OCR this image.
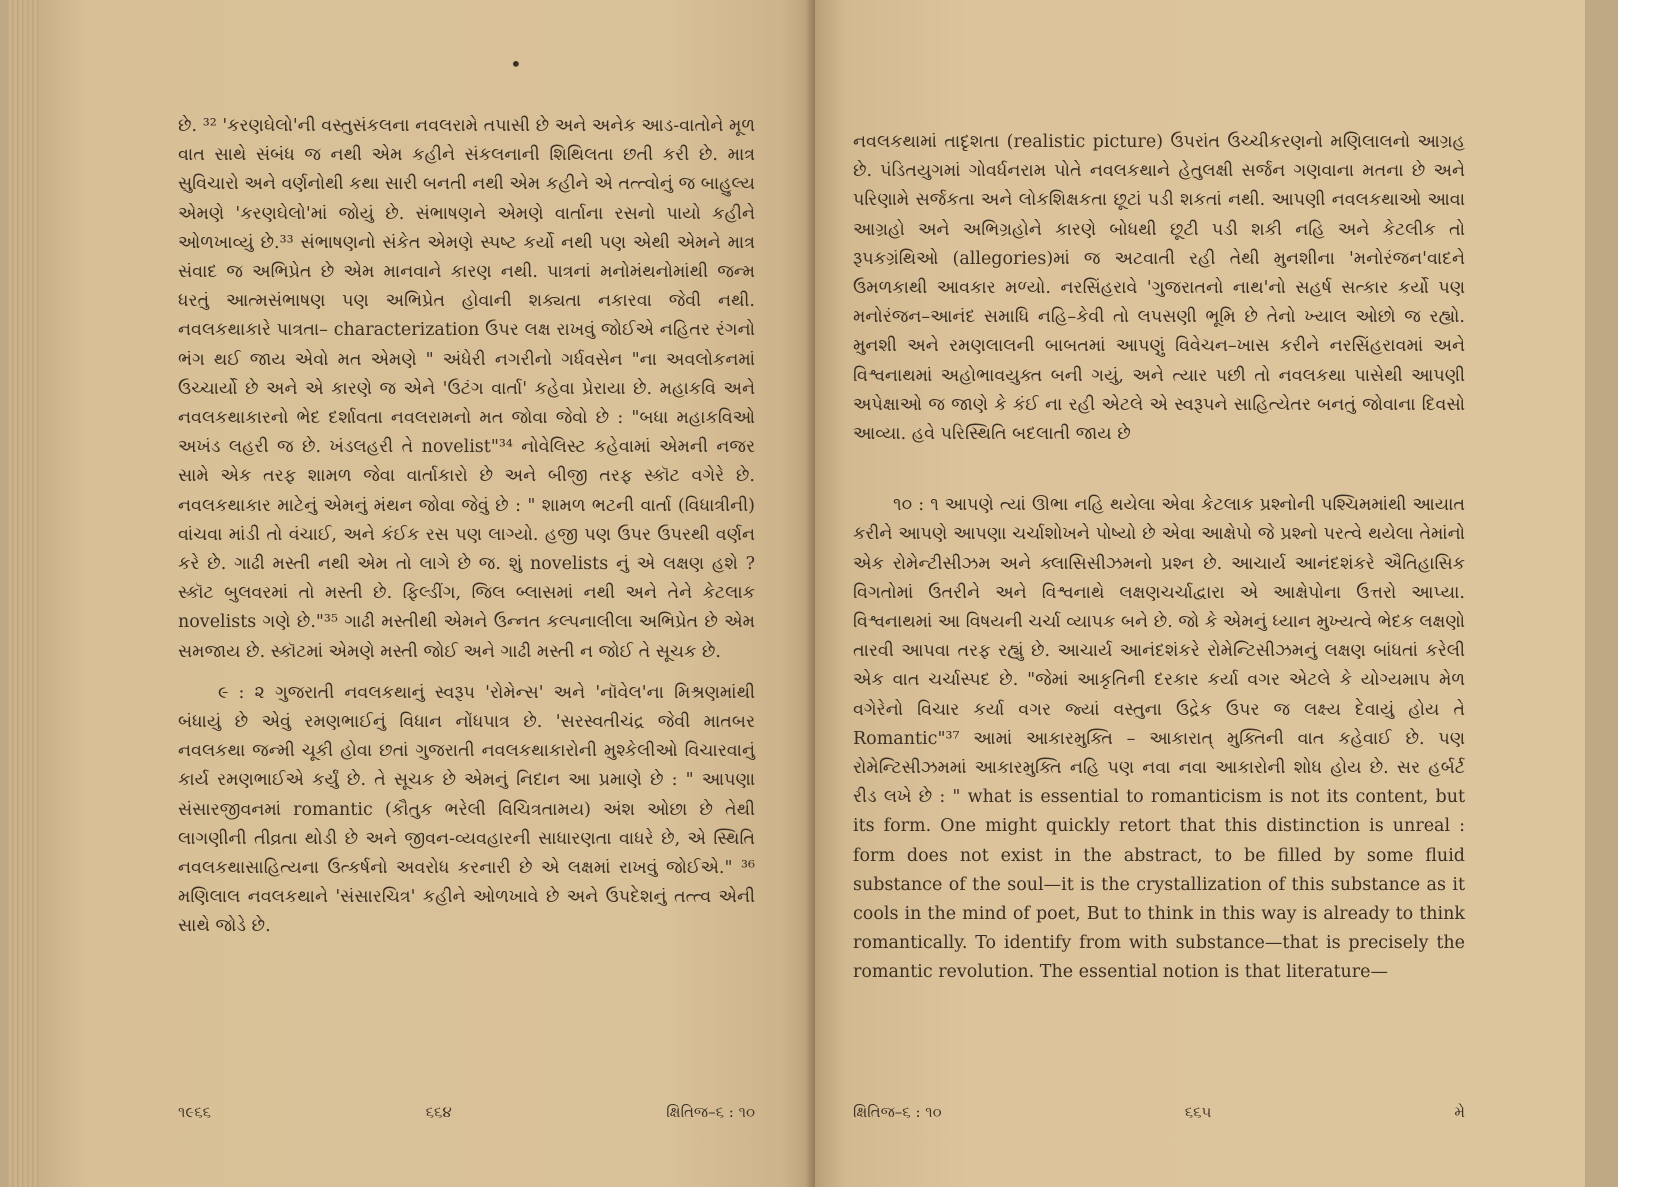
•

છે. ³² 'કરણઘેલો'ની વસ્તુસંકલના નવલરામે તપાસી છે અને અનેક આડ-વાતોને મૂળ વાત સાથે સંબંધ જ નથી એમ કહીને સંકલનાની શિથિલતા છતી કરી છે. માત્ર સુવિચારો અને વર્ણનોથી કથા સારી બનતી નથી એમ કહીને એ તત્ત્વોનું જ બાહુલ્ય એમણે 'કરણઘેલો'માં જોયું છે. સંભાષણને એમણે વાર્તાના રસનો પાયો કહીને ઓળખાવ્યું છે.³³ સંભાષણનો સંકેત એમણે સ્પષ્ટ કર્યો નથી પણ એથી એમને માત્ર સંવાદ જ અભિપ્રેત છે એમ માનવાને કારણ નથી. પાત્રનાં મનોમંથનોમાંથી જન્મ ધરતું આત્મસંભાષણ પણ અભિપ્રેત હોવાની શક્યતા નકારવા જેવી નથી. નવલકથાકારે પાત્રતા– characterization ઉપર લક્ષ રાખવું જોઈએ નહિતર રંગનો ભંગ થઈ જાય એવો મત એમણે " અંધેરી નગરીનો ગર્ધવસેન "ના અવલોકનમાં ઉચ્ચાર્યો છે અને એ કારણે જ એને 'ઉટંગ વાર્તા' કહેવા પ્રેરાયા છે. મહાકવિ અને નવલકથાકારનો ભેદ દર્શાવતા નવલરામનો મત જોવા જેવો છે : "બધા મહાકવિઓ અખંડ લહરી જ છે. ખંડલહરી તે novelist"³⁴ નોવેલિસ્ટ કહેવામાં એમની નજર સામે એક તરફ શામળ જેવા વાર્તાકારો છે અને બીજી તરફ સ્કૉટ વગેરે છે. નવલકથાકાર માટેનું એમનું મંથન જોવા જેવું છે : " શામળ ભટની વાર્તા (વિધાત્રીની) વાંચવા માંડી તો વંચાઈ, અને કંઈક રસ પણ લાગ્યો. હજી પણ ઉપર ઉપરથી વર્ણન કરે છે. ગાઢી મસ્તી નથી એમ તો લાગે છે જ. શું novelists નું એ લક્ષણ હશે ? સ્કૉટ બુલવરમાં તો મસ્તી છે. ફિલ્ડીંગ, જિલ બ્લાસમાં નથી અને તેને કેટલાક novelists ગણે છે."³⁵ ગાઢી મસ્તીથી એમને ઉન્નત કલ્પનાલીલા અભિપ્રેત છે એમ સમજાય છે. સ્કૉટમાં એમણે મસ્તી જોઈ અને ગાઢી મસ્તી ન જોઈ તે સૂચક છે.

૯ : ૨ ગુજરાતી નવલકથાનું સ્વરૂપ 'રોમેન્સ' અને 'નૉવેલ'ના મિશ્રણમાંથી બંધાયું છે એવું રમણભાઈનું વિધાન નોંધપાત્ર છે. 'સરસ્વતીચંદ્ર જેવી માતબર નવલકથા જન્મી ચૂકી હોવા છતાં ગુજરાતી નવલકથાકારોની મુશ્કેલીઓ વિચારવાનું કાર્ય રમણભાઈએ કર્યું છે. તે સૂચક છે એમનું નિદાન આ પ્રમાણે છે : " આપણા સંસારજીવનમાં romantic (કૌતુક ભરેલી વિચિત્રતામય) અંશ ઓછા છે તેથી લાગણીની તીવ્રતા થોડી છે અને જીવન-વ્યવહારની સાધારણતા વાધરે છે, એ સ્થિતિ નવલકથાસાહિત્યના ઉત્કર્ષનો અવરોધ કરનારી છે એ લક્ષમાં રાખવું જોઈએ." ³⁶ મણિલાલ નવલકથાને 'સંસારચિત્ર' કહીને ઓળખાવે છે અને ઉપદેશનું તત્ત્વ એની સાથે જોડે છે.

૧૯૬૬	૬૬૪	ક્ષિતિજ–૬ : ૧૦

નવલકથામાં તાદૃશતા (realistic picture) ઉપરાંત ઉચ્ચીકરણનો મણિલાલનો આગ્રહ છે. પંડિતયુગમાં ગોવર્ધનરામ પોતે નવલકથાને હેતુલક્ષી સર્જન ગણવાના મતના છે અને પરિણામે સર્જકતા અને લોકશિક્ષકતા છૂટાં પડી શકતાં નથી. આપણી નવલકથાઓ આવા આગ્રહો અને અભિગ્રહોને કારણે બોધથી છૂટી પડી શકી નહિ અને કેટલીક તો રૂપકગ્રંથિઓ (allegories)માં જ અટવાતી રહી તેથી મુનશીના 'મનોરંજન'વાદને ઉમળકાથી આવકાર મળ્યો. નરસિંહરાવે 'ગુજરાતનો નાથ'નો સહર્ષ સત્કાર કર્યો પણ મનોરંજન–આનંદ સમાધિ નહિ–કેવી તો લપસણી ભૂમિ છે તેનો ખ્યાલ ઓછો જ રહ્યો. મુનશી અને રમણલાલની બાબતમાં આપણું વિવેચન–ખાસ કરીને નરસિંહરાવમાં અને વિશ્વનાથમાં અહોભાવયુક્ત બની ગયું, અને ત્યાર પછી તો નવલકથા પાસેથી આપણી અપેક્ષાઓ જ જાણે કે કંઈ ના રહી એટલે એ સ્વરૂપને સાહિત્યેતર બનતું જોવાના દિવસો આવ્યા. હવે પરિસ્થિતિ બદલાતી જાય છે

૧૦ : ૧ આપણે ત્યાં ઊભા નહિ થયેલા એવા કેટલાક પ્રશ્નોની પશ્ચિમમાંથી આયાત કરીને આપણે આપણા ચર્ચાશોખને પોષ્યો છે એવા આક્ષેપો જે પ્રશ્નો પરત્વે થયેલા તેમાંનો એક રોમેન્ટીસીઝમ અને ક્લાસિસીઝમનો પ્રશ્ન છે. આચાર્ય આનંદશંકરે ઐતિહાસિક વિગતોમાં ઉતરીને અને વિશ્વનાથે લક્ષણચર્ચાદ્વારા એ આક્ષેપોના ઉત્તરો આપ્યા. વિશ્વનાથમાં આ વિષયની ચર્ચા વ્યાપક બને છે. જો કે એમનું ધ્યાન મુખ્યત્વે ભેદક લક્ષણો તારવી આપવા તરફ રહ્યું છે. આચાર્ય આનંદશંકરે રોમેન્ટિસીઝમનું લક્ષણ બાંધતાં કરેલી એક વાત ચર્ચાસ્પદ છે. "જેમાં આકૃતિની દરકાર કર્યા વગર એટલે કે યોગ્યમાપ મેળ વગેરેનો વિચાર કર્યા વગર જ્યાં વસ્તુના ઉદ્રેક ઉપર જ લક્ષ્ય દેવાયું હોય તે Romantic"³⁷ આમાં આકારમુક્તિ – આકારાત્ મુક્તિની વાત કહેવાઈ છે. પણ રોમેન્ટિસીઝમમાં આકારમુક્તિ નહિ પણ નવા નવા આકારોની શોધ હોય છે. સર હર્બર્ટ રીડ લખે છે : " what is essential to romanticism is not its content, but its form. One might quickly retort that this distinction is unreal : form does not exist in the abstract, to be filled by some fluid substance of the soul—it is the crystallization of this substance as it cools in the mind of poet, But to think in this way is already to think romantically. To identify from with substance—that is precisely the romantic revolution. The essential notion is that literature—

ક્ષિતિજ–૬ : ૧૦	૬૬૫	મે
